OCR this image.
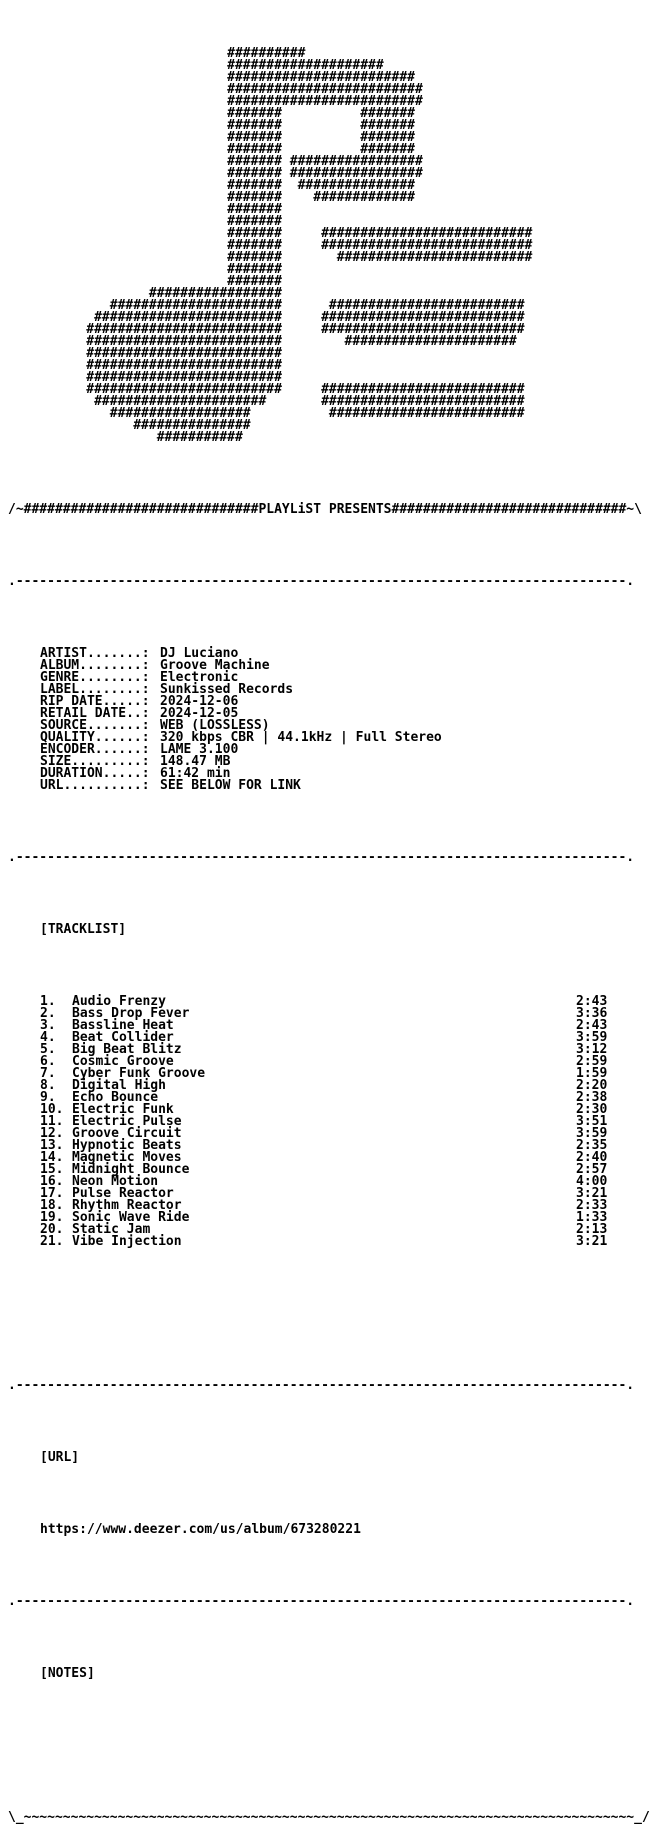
##########
####################
########################
#########################
#########################
#######          #######
#######          #######
#######          #######
#######          #######
####### #################
####### #################
#######  ###############
#######    #############
#######
#######
#######     ###########################
#######     ###########################
#######       #########################
#######
#######
#################
######################      #########################
########################     ##########################
#########################     ##########################
#########################        ######################
#########################
#########################
#########################
#########################     ##########################
######################       ##########################
##################          #########################
###############
###########

/~##############################PLAYLiST PRESENTS##############################~\

.------------------------------------------------------------------------------.

ARTIST.......: DJ Luciano
ALBUM........: Groove Machine
GENRE........: Electronic
LABEL........: Sunkissed Records
RIP DATE.....: 2024-12-06
RETAIL DATE..: 2024-12-05
SOURCE.......: WEB (LOSSLESS)
QUALITY......: 320 kbps CBR | 44.1kHz | Full Stereo
ENCODER......: LAME 3.100
SIZE.........: 148.47 MB
DURATION.....: 61:42 min
URL..........: SEE BELOW FOR LINK

.------------------------------------------------------------------------------.

[TRACKLIST]

1. Audio Frenzy	2:43
2. Bass Drop Fever	3:36
3. Bassline Heat	2:43
4. Beat Collider	3:59
5. Big Beat Blitz	3:12
6. Cosmic Groove	2:59
7. Cyber Funk Groove	1:59
8. Digital High	2:20
9. Echo Bounce	2:38
10. Electric Funk	2:30
11. Electric Pulse	3:51
12. Groove Circuit	3:59
13. Hypnotic Beats	2:35
14. Magnetic Moves	2:40
15. Midnight Bounce	2:57
16. Neon Motion	4:00
17. Pulse Reactor	3:21
18. Rhythm Reactor	2:33
19. Sonic Wave Ride	1:33
20. Static Jam	2:13
21. Vibe Injection	3:21

.------------------------------------------------------------------------------.

[URL]

https://www.deezer.com/us/album/673280221

.------------------------------------------------------------------------------.

[NOTES]

\_~~~~~~~~~~~~~~~~~~~~~~~~~~~~~~~~~~~~~~~~~~~~~~~~~~~~~~~~~~~~~~~~~~~~~~~~~~~~~~_/
